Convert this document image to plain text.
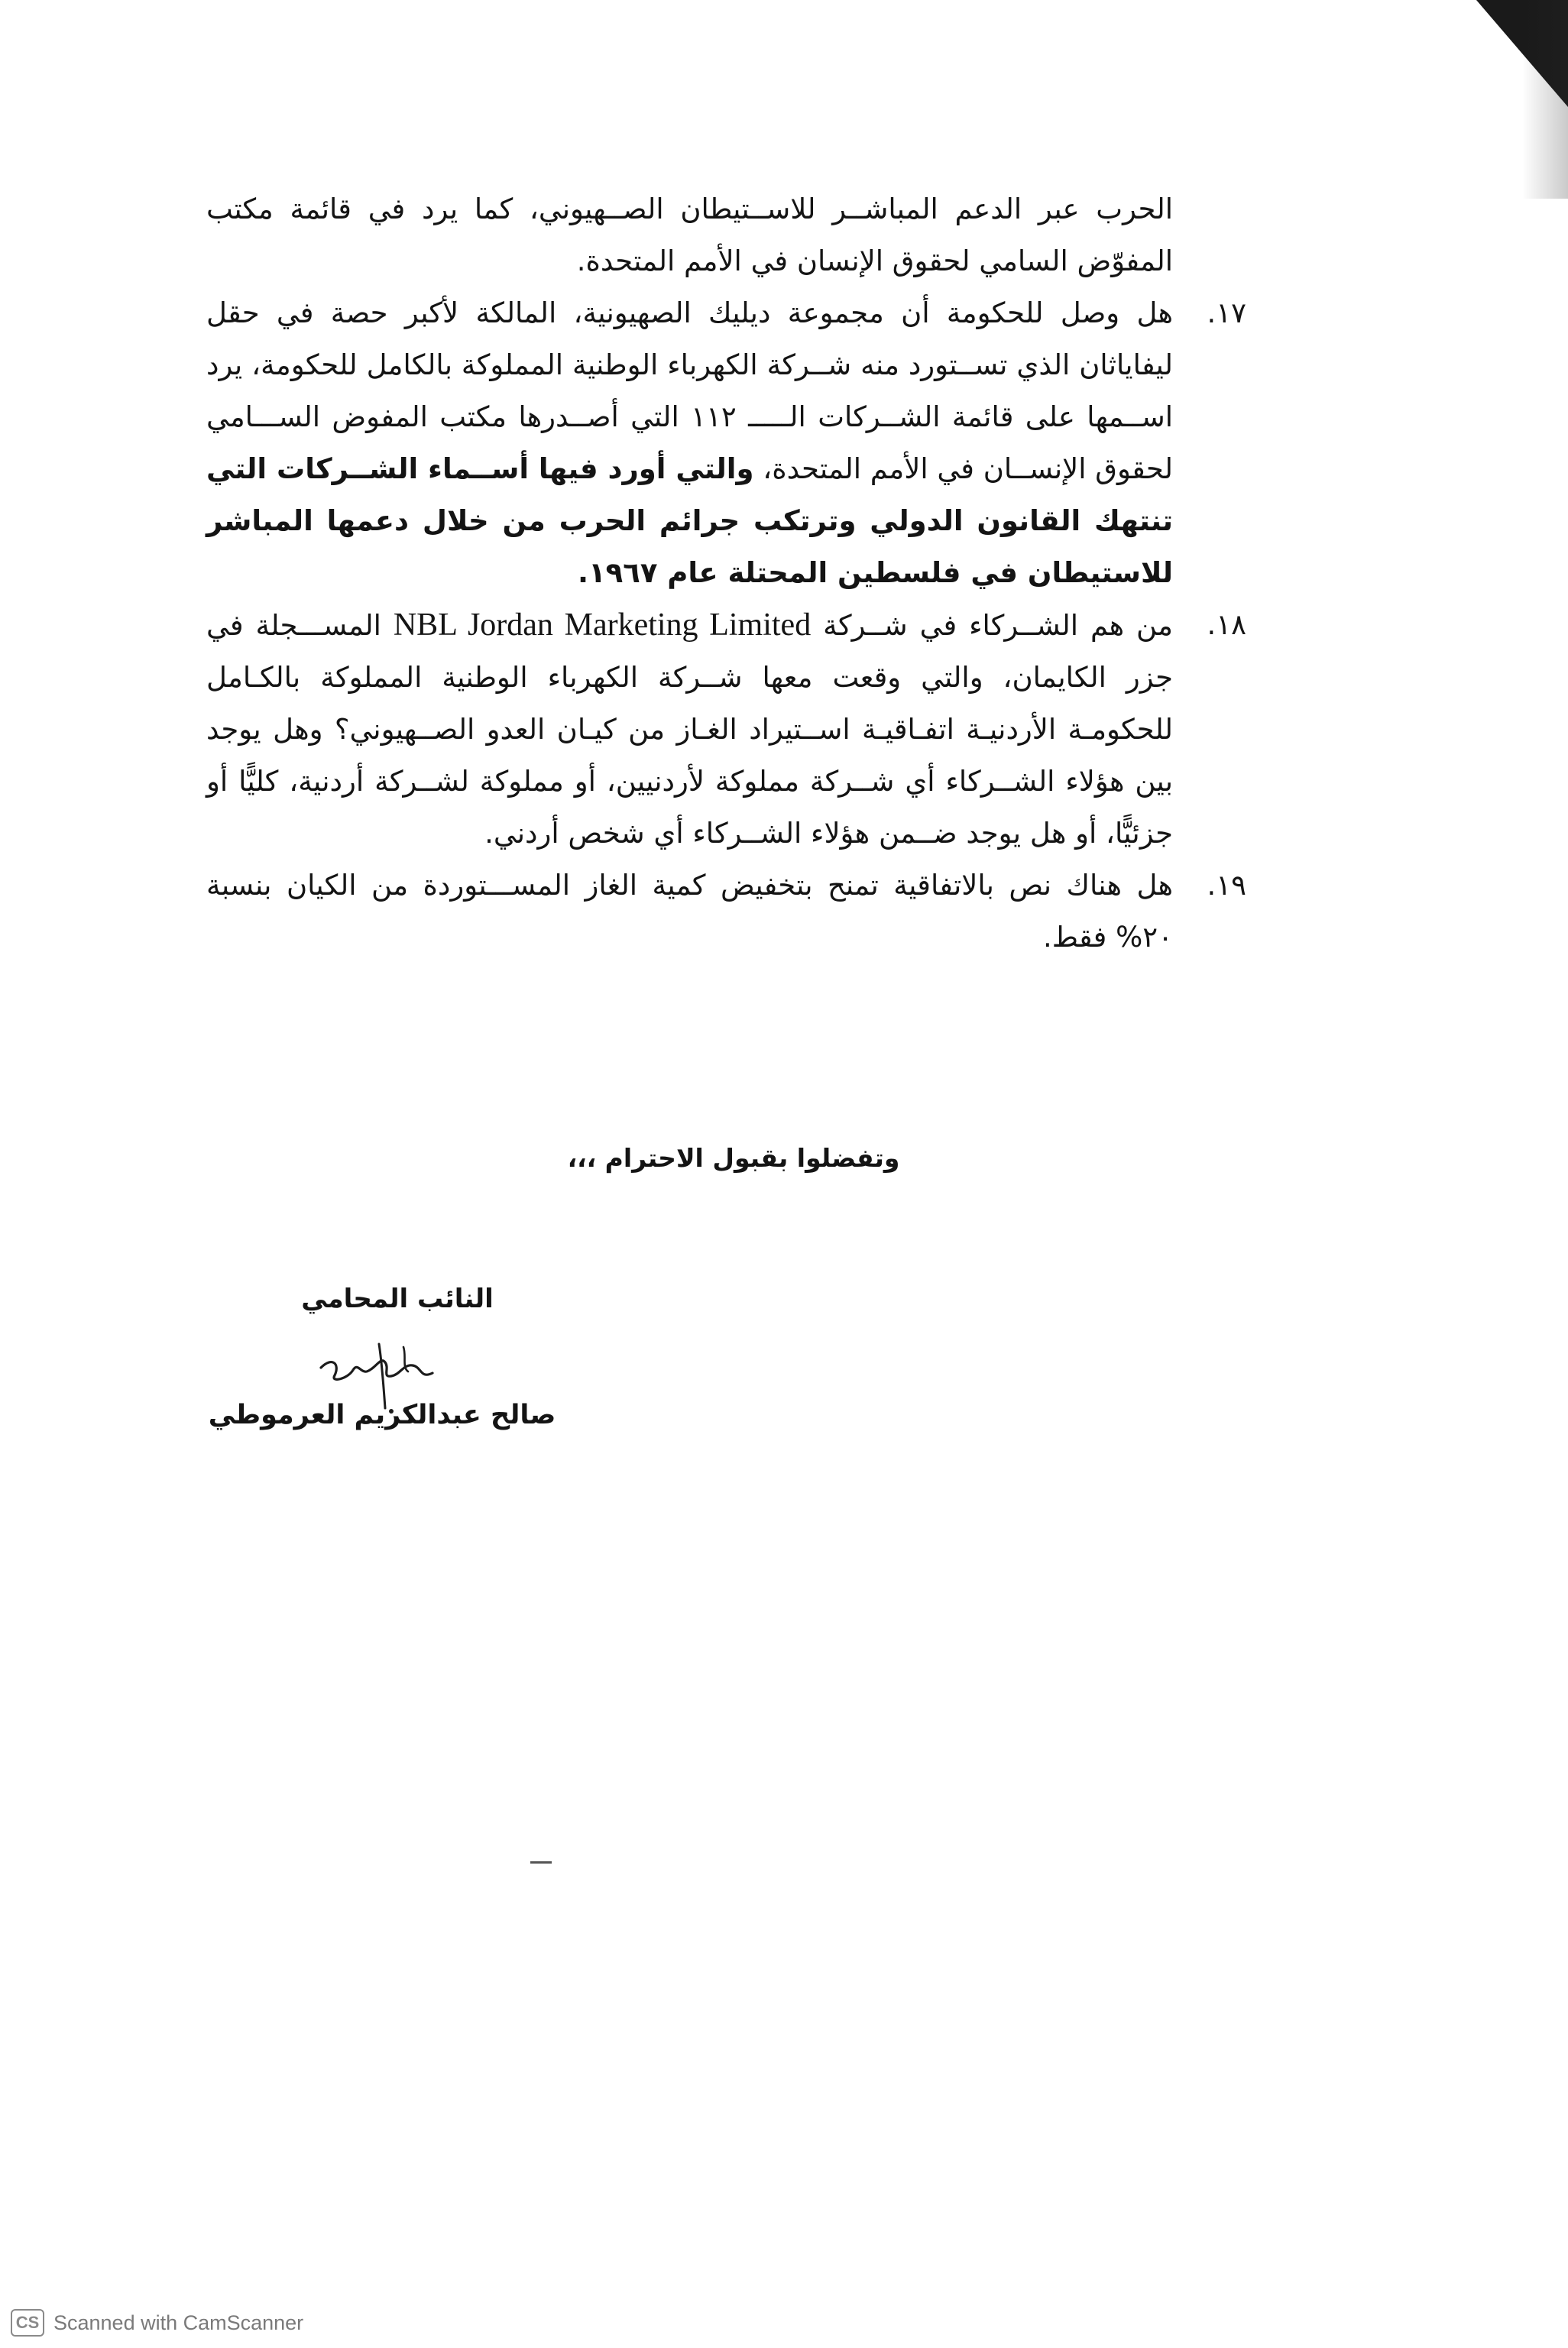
الحرب عبر الدعم المباشــر للاســتيطان الصــهيوني، كما يرد في قائمة مكتب المفوّض السامي لحقوق الإنسان في الأمم المتحدة.
١٧.
هل وصل للحكومة أن مجموعة ديليك الصهيونية، المالكة لأكبر حصة في حقل ليفاياثان الذي تســتورد منه شــركة الكهرباء الوطنية المملوكة بالكامل للحكومة، يرد اســمها على قائمة الشــركات الـــــ ١١٢ التي أصــدرها مكتب المفوض الســـامي لحقوق الإنســان في الأمم المتحدة، والتي أورد فيها أســماء الشــركات التي تنتهك القانون الدولي وترتكب جرائم الحرب من خلال دعمها المباشر للاستيطان في فلسطين المحتلة عام ١٩٦٧.
١٨.
من هم الشــركاء في شــركة NBL Jordan Marketing Limited المســـجلة في جزر الكايمان، والتي وقعت معها شــركة الكهرباء الوطنية المملوكة بالكـامل للحكومـة الأردنيـة اتفـاقيـة اســتيراد الغـاز من كيـان العدو الصــهيوني؟ وهل يوجد بين هؤلاء الشــركاء أي شــركة مملوكة لأردنيين، أو مملوكة لشــركة أردنية، كليًّا أو جزئيًّا، أو هل يوجد ضــمن هؤلاء الشــركاء أي شخص أردني.
١٩.
هل هناك نص بالاتفاقية تمنح بتخفيض كمية الغاز المســـتوردة من الكيان بنسبة ٢٠% فقط.
وتفضلوا بقبول الاحترام ،،،
النائب المحامي
صالح عبدالكريم العرموطي
CS Scanned with CamScanner
